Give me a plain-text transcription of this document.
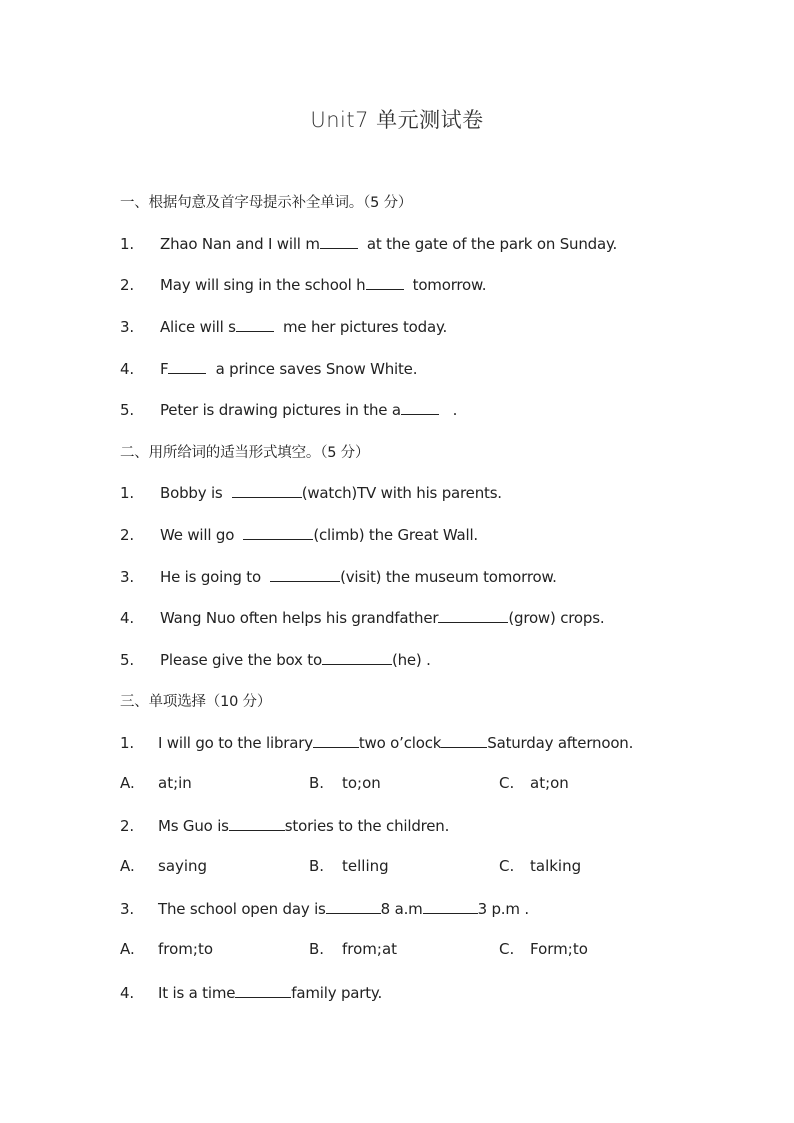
Unit7 单元测试卷
一、根据句意及首字母提示补全单词。（5 分）
1. Zhao Nan and I will m	at the gate of the park on Sunday.
2. May will sing in the school h	tomorrow.
3. Alice will s	me her pictures today.
4. F	a prince saves Snow White.
5. Peter is drawing pictures in the a	.
二、用所给词的适当形式填空。（5 分）
1. Bobby is	(watch)TV with his parents.
2. We will go	(climb) the Great Wall.
3. He is going to	(visit) the museum tomorrow.
4. Wang Nuo often helps his grandfather	(grow) crops.
5. Please give the box to	(he) .
三、单项选择（10 分）
1. I will go to the library	two o’clock	Saturday afternoon.
A. at;in	B. to;on	C. at;on
2. Ms Guo is	stories to the children.
A. saying	B. telling	C. talking
3. The school open day is	8 a.m	3 p.m .
A. from;to	B. from;at	C. Form;to
4. It is a time	family party.
